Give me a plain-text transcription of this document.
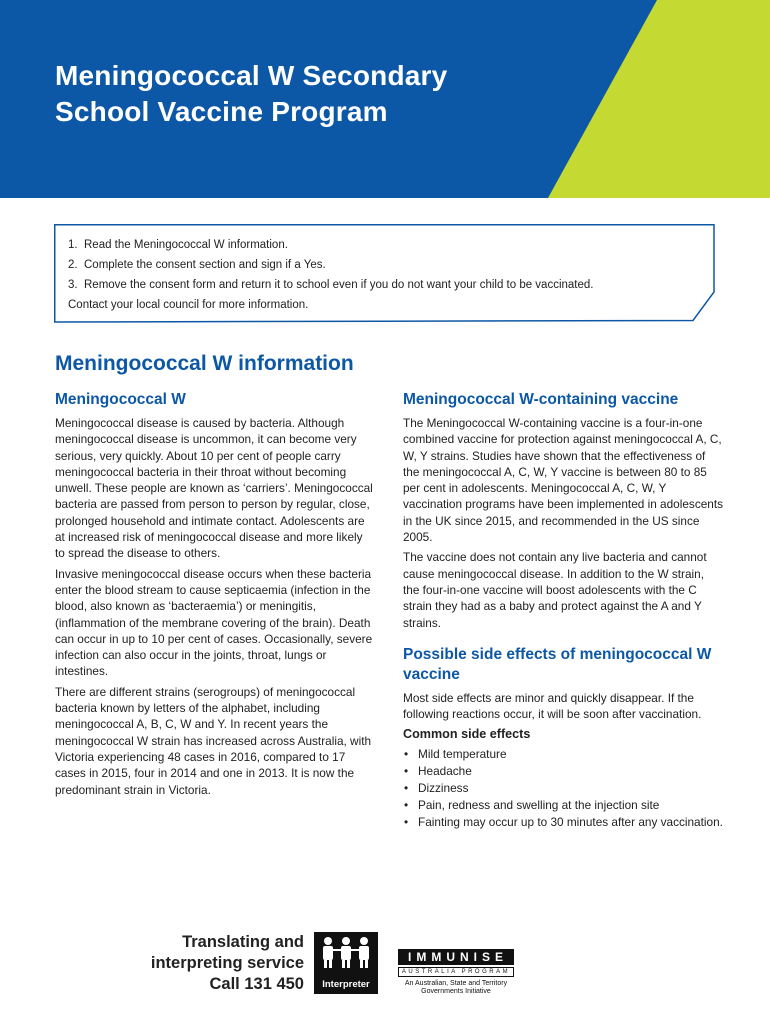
Meningococcal W Secondary
School Vaccine Program
1. Read the Meningococcal W information.
2. Complete the consent section and sign if a Yes.
3. Remove the consent form and return it to school even if you do not want your child to be vaccinated.
Contact your local council for more information.
Meningococcal W information
Meningococcal W

Meningococcal disease is caused by bacteria. Although meningococcal disease is uncommon, it can become very serious, very quickly. About 10 per cent of people carry meningococcal bacteria in their throat without becoming unwell. These people are known as ‘carriers’. Meningococcal bacteria are passed from person to person by regular, close, prolonged household and intimate contact. Adolescents are at increased risk of meningococcal disease and more likely to spread the disease to others.

Invasive meningococcal disease occurs when these bacteria enter the blood stream to cause septicaemia (infection in the blood, also known as ‘bacteraemia’) or meningitis, (inflammation of the membrane covering of the brain). Death can occur in up to 10 per cent of cases. Occasionally, severe infection can also occur in the joints, throat, lungs or intestines.

There are different strains (serogroups) of meningococcal bacteria known by letters of the alphabet, including meningococcal A, B, C, W and Y. In recent years the meningococcal W strain has increased across Australia, with Victoria experiencing 48 cases in 2016, compared to 17 cases in 2015, four in 2014 and one in 2013. It is now the predominant strain in Victoria.

Meningococcal W-containing vaccine

The Meningococcal W-containing vaccine is a four-in-one combined vaccine for protection against meningococcal A, C, W, Y strains. Studies have shown that the effectiveness of the meningococcal A, C, W, Y vaccine is between 80 to 85 per cent in adolescents. Meningococcal A, C, W, Y vaccination programs have been implemented in adolescents in the UK since 2015, and recommended in the US since 2005.

The vaccine does not contain any live bacteria and cannot cause meningococcal disease. In addition to the W strain, the four-in-one vaccine will boost adolescents with the C strain they had as a baby and protect against the A and Y strains.

Possible side effects of meningococcal W vaccine

Most side effects are minor and quickly disappear. If the following reactions occur, it will be soon after vaccination.

Common side effects
• Mild temperature
• Headache
• Dizziness
• Pain, redness and swelling at the injection site
• Fainting may occur up to 30 minutes after any vaccination.
Translating and
interpreting service
Call 131 450	Interpreter
IMMUNISE
AUSTRALIA PROGRAM
An Australian, State and Territory
Governments Initiative
